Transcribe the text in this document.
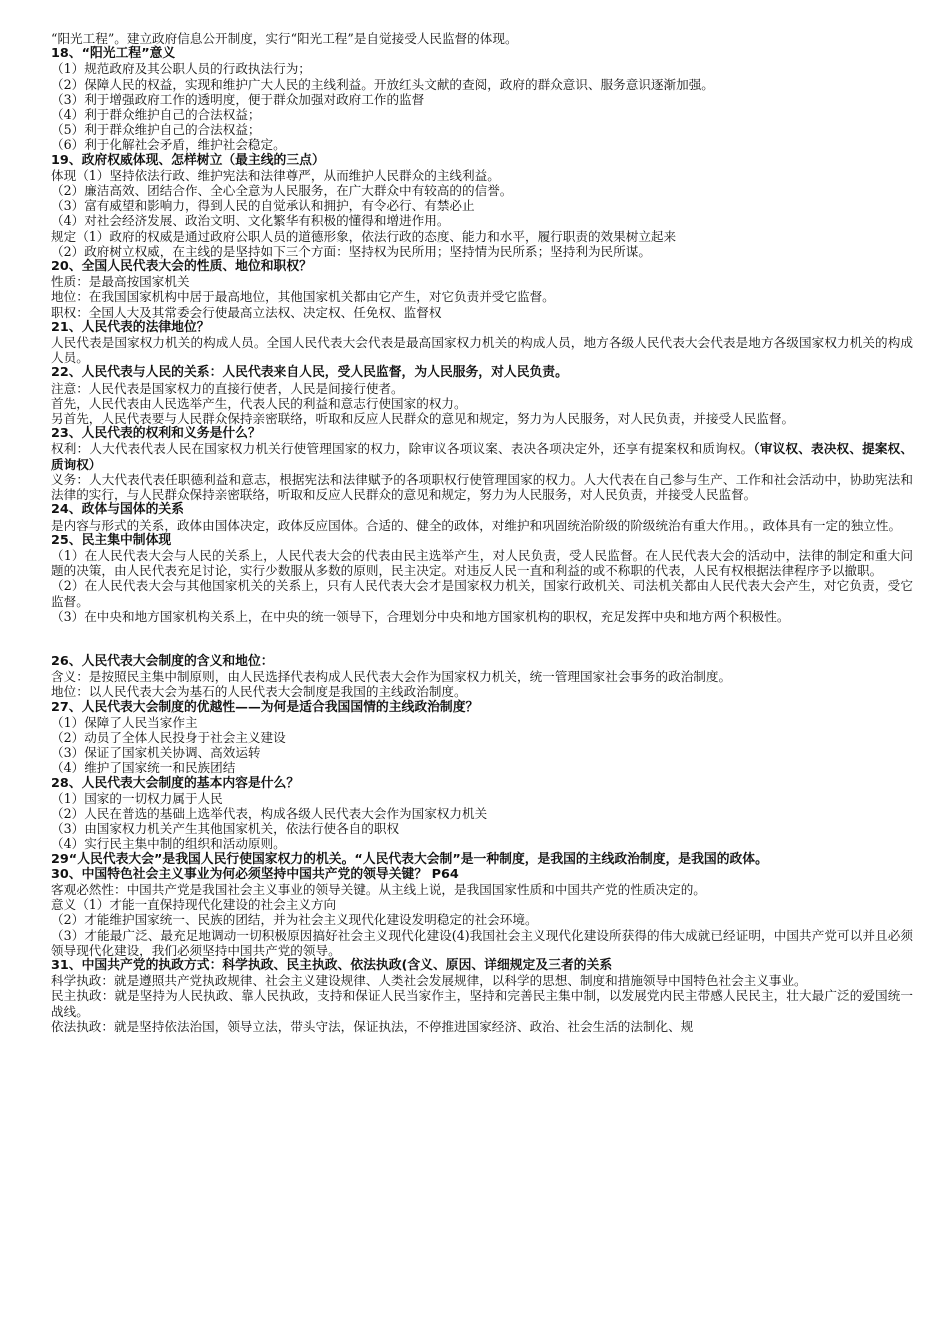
“阳光工程”。建立政府信息公开制度，实行“阳光工程”是自觉接受人民监督的体现。
18、“阳光工程”意义
（1）规范政府及其公职人员的行政执法行为；
（2）保障人民的权益，实现和维护广大人民的主线利益。开放红头文献的查阅，政府的群众意识、服务意识逐渐加强。
（3）利于增强政府工作的透明度，便于群众加强对政府工作的监督
（4）利于群众维护自己的合法权益；
（5）利于群众维护自己的合法权益；
（6）利于化解社会矛盾，维护社会稳定。
19、政府权威体现、怎样树立（最主线的三点）
体现（1）坚持依法行政、维护宪法和法律尊严，从而维护人民群众的主线利益。
（2）廉洁高效、团结合作、全心全意为人民服务，在广大群众中有较高的的信誉。
（3）富有威望和影响力，得到人民的自觉承认和拥护，有令必行、有禁必止
（4）对社会经济发展、政治文明、文化繁华有积极的懂得和增进作用。
规定（1）政府的权威是通过政府公职人员的道德形象，依法行政的态度、能力和水平，履行职责的效果树立起来
（2）政府树立权威，在主线的是坚持如下三个方面：坚持权为民所用；坚持情为民所系；坚持利为民所谋。
20、全国人民代表大会的性质、地位和职权？
性质：是最高按国家机关
地位：在我国国家机构中居于最高地位，其他国家机关都由它产生，对它负责并受它监督。
职权：全国人大及其常委会行使最高立法权、决定权、任免权、监督权
21、人民代表的法律地位？
人民代表是国家权力机关的构成人员。全国人民代表大会代表是最高国家权力机关的构成人员，地方各级人民代表大会代表是地方各级国家权力机关的构成人员。
22、人民代表与人民的关系：人民代表来自人民，受人民监督，为人民服务，对人民负责。
注意：人民代表是国家权力的直接行使者，人民是间接行使者。
首先，人民代表由人民选举产生，代表人民的利益和意志行使国家的权力。
另首先，人民代表要与人民群众保持亲密联络，听取和反应人民群众的意见和规定，努力为人民服务，对人民负责，并接受人民监督。
23、人民代表的权利和义务是什么？
权利：人大代表代表人民在国家权力机关行使管理国家的权力，除审议各项议案、表决各项决定外，还享有提案权和质询权。（审议权、表决权、提案权、质询权）
义务：人大代表代表任职德利益和意志，根据宪法和法律赋予的各项职权行使管理国家的权力。人大代表在自己参与生产、工作和社会活动中，协助宪法和法律的实行，与人民群众保持亲密联络，听取和反应人民群众的意见和规定，努力为人民服务，对人民负责，并接受人民监督。
24、政体与国体的关系
是内容与形式的关系，政体由国体决定，政体反应国体。合适的、健全的政体，对维护和巩固统治阶级的阶级统治有重大作用。，政体具有一定的独立性。
25、民主集中制体现
（1）在人民代表大会与人民的关系上，人民代表大会的代表由民主选举产生，对人民负责，受人民监督。在人民代表大会的活动中，法律的制定和重大问题的决策，由人民代表充足讨论，实行少数服从多数的原则，民主决定。对违反人民一直和利益的或不称职的代表，人民有权根据法律程序予以撤职。
（2）在人民代表大会与其他国家机关的关系上，只有人民代表大会才是国家权力机关，国家行政机关、司法机关都由人民代表大会产生，对它负责，受它监督。
（3）在中央和地方国家机构关系上，在中央的统一领导下，合理划分中央和地方国家机构的职权，充足发挥中央和地方两个积极性。
26、人民代表大会制度的含义和地位：
含义：是按照民主集中制原则，由人民选择代表构成人民代表大会作为国家权力机关，统一管理国家社会事务的政治制度。
地位：以人民代表大会为基石的人民代表大会制度是我国的主线政治制度。
27、人民代表大会制度的优越性——为何是适合我国国情的主线政治制度？
（1）保障了人民当家作主
（2）动员了全体人民投身于社会主义建设
（3）保证了国家机关协调、高效运转
（4）维护了国家统一和民族团结
28、人民代表大会制度的基本内容是什么？
（1）国家的一切权力属于人民
（2）人民在普选的基础上选举代表，构成各级人民代表大会作为国家权力机关
（3）由国家权力机关产生其他国家机关，依法行使各自的职权
（4）实行民主集中制的组织和活动原则。
29“人民代表大会”是我国人民行使国家权力的机关。“人民代表大会制”是一种制度，是我国的主线政治制度，是我国的政体。
30、中国特色社会主义事业为何必须坚持中国共产党的领导关键？ P64
客观必然性：中国共产党是我国社会主义事业的领导关键。从主线上说，是我国国家性质和中国共产党的性质决定的。
意义（1）才能一直保持现代化建设的社会主义方向
（2）才能维护国家统一、民族的团结，并为社会主义现代化建设发明稳定的社会环境。
（3）才能最广泛、最充足地调动一切积极原因搞好社会主义现代化建设(4)我国社会主义现代化建设所获得的伟大成就已经证明，中国共产党可以并且必须领导现代化建设，我们必须坚持中国共产党的领导。
31、中国共产党的执政方式：科学执政、民主执政、依法执政(含义、原因、详细规定及三者的关系
科学执政：就是遵照共产党执政规律、社会主义建设规律、人类社会发展规律，以科学的思想、制度和措施领导中国特色社会主义事业。
民主执政：就是坚持为人民执政、靠人民执政，支持和保证人民当家作主，坚持和完善民主集中制，以发展党内民主带感人民民主，壮大最广泛的爱国统一战线。
依法执政：就是坚持依法治国，领导立法，带头守法，保证执法，不停推进国家经济、政治、社会生活的法制化、规
